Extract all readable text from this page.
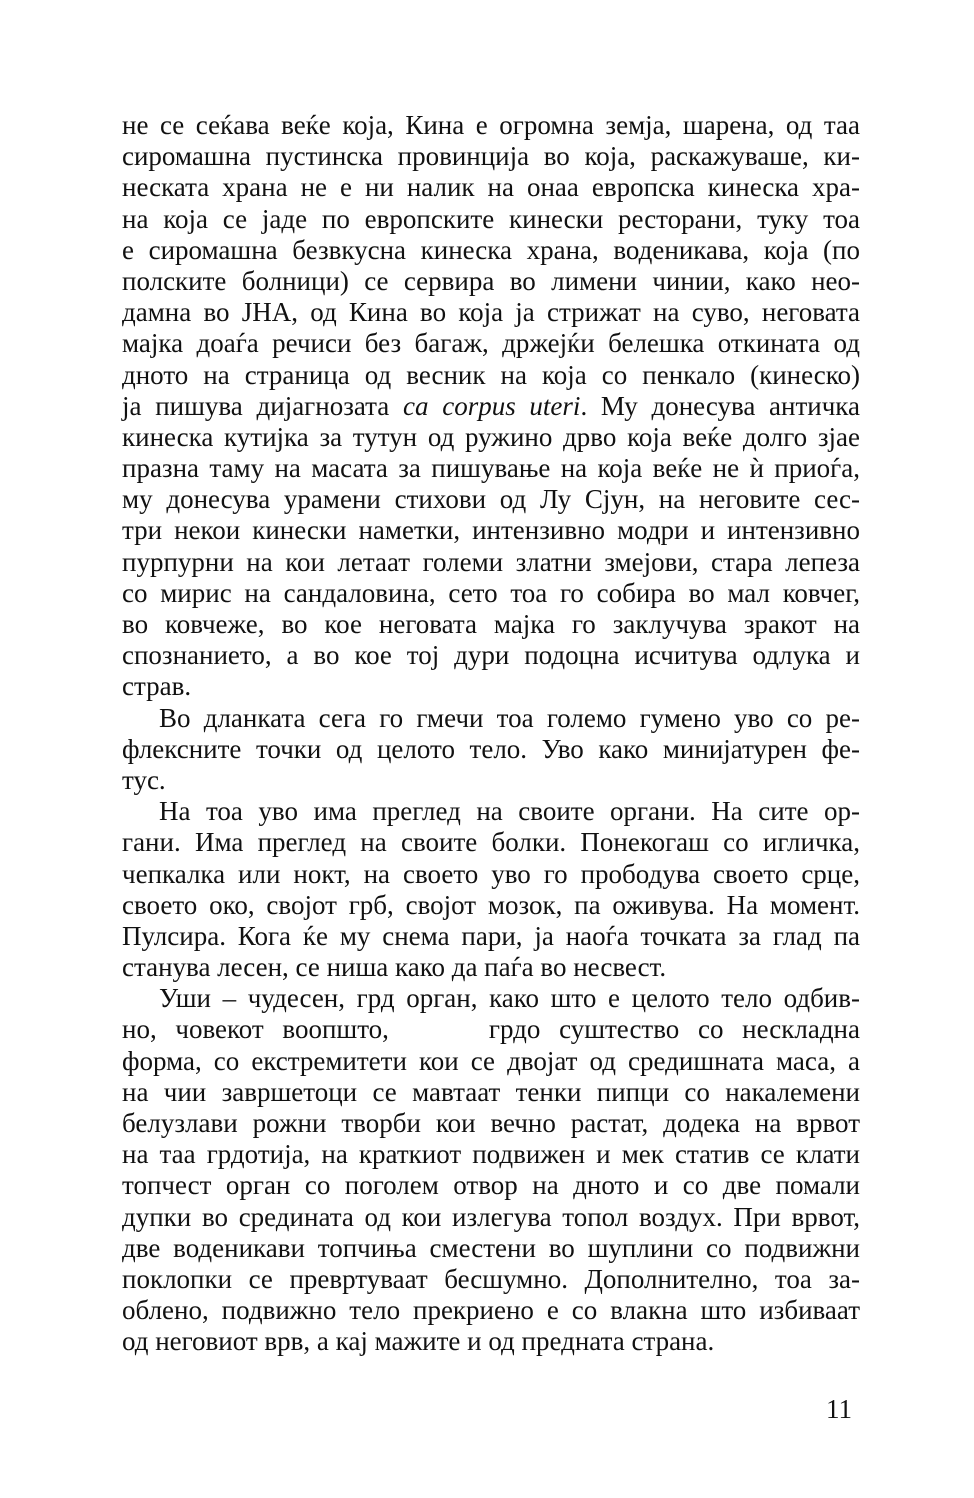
не се сеќава веќе која, Кина е огромна земја, шарена, од таа
сиромашна пустинска провинција во која, раскажуваше, ки-
неската храна не е ни налик на онаа европска кинеска хра-
на која се јаде по европските кинески ресторани, туку тоа
е сиромашна безвкусна кинеска храна, воденикава, која (по
полските болници) се сервира во лимени чинии, како нео-
дамна во ЈНА, од Кина во која ја стрижат на суво, неговата
мајка доаѓа речиси без багаж, држејќи белешка откината од
дното на страница од весник на која со пенкало (кинеско)
ја пишува дијагнозата ca corpus uteri. Му донесува античка
кинеска кутијка за тутун од ружино дрво која веќе долго зјае
празна таму на масата за пишување на која веќе не ѝ приоѓа,
му донесува урамени стихови од Лу Сјун, на неговите сес-
три некои кинески наметки, интензивно модри и интензивно
пурпурни на кои летаат големи златни змејови, стара лепеза
со мирис на сандаловина, сето тоа го собира во мал ковчег,
во ковчеже, во кое неговата мајка го заклучува зракот на
спознанието, а во кое тој дури подоцна исчитува одлука и
страв.
Во дланката сега го гмечи тоа големо гумено уво со ре-
флексните точки од целото тело. Уво како минијатурен фе-
тус.
На тоа уво има преглед на своите органи. На сите ор-
гани. Има преглед на своите болки. Понекогаш со игличка,
чепкалка или нокт, на своето уво го прободува своето срце,
своето око, својот грб, својот мозок, па оживува. На момент.
Пулсира. Кога ќе му снема пари, ја наоѓа точката за глад па
станува лесен, се ниша како да паѓа во несвест.
Уши – чудесен, грд орган, како што е целото тело одбив-
но, човекот воопшто,	грдо суштество со нескладна
форма, со екстремитети кои се двојат од средишната маса, а
на чии завршетоци се мавтаат тенки пипци со накалемени
белузлави рожни творби кои вечно растат, додека на врвот
на таа грдотија, на краткиот подвижен и мек статив се клати
топчест орган со поголем отвор на дното и со две помали
дупки во средината од кои излегува топол воздух. При врвот,
две воденикави топчиња сместени во шуплини со подвижни
поклопки се превртуваат бесшумно. Дополнително, тоа за-
облено, подвижно тело прекриено е со влакна што избиваат
од неговиот врв, а кај мажите и од предната страна.
11
